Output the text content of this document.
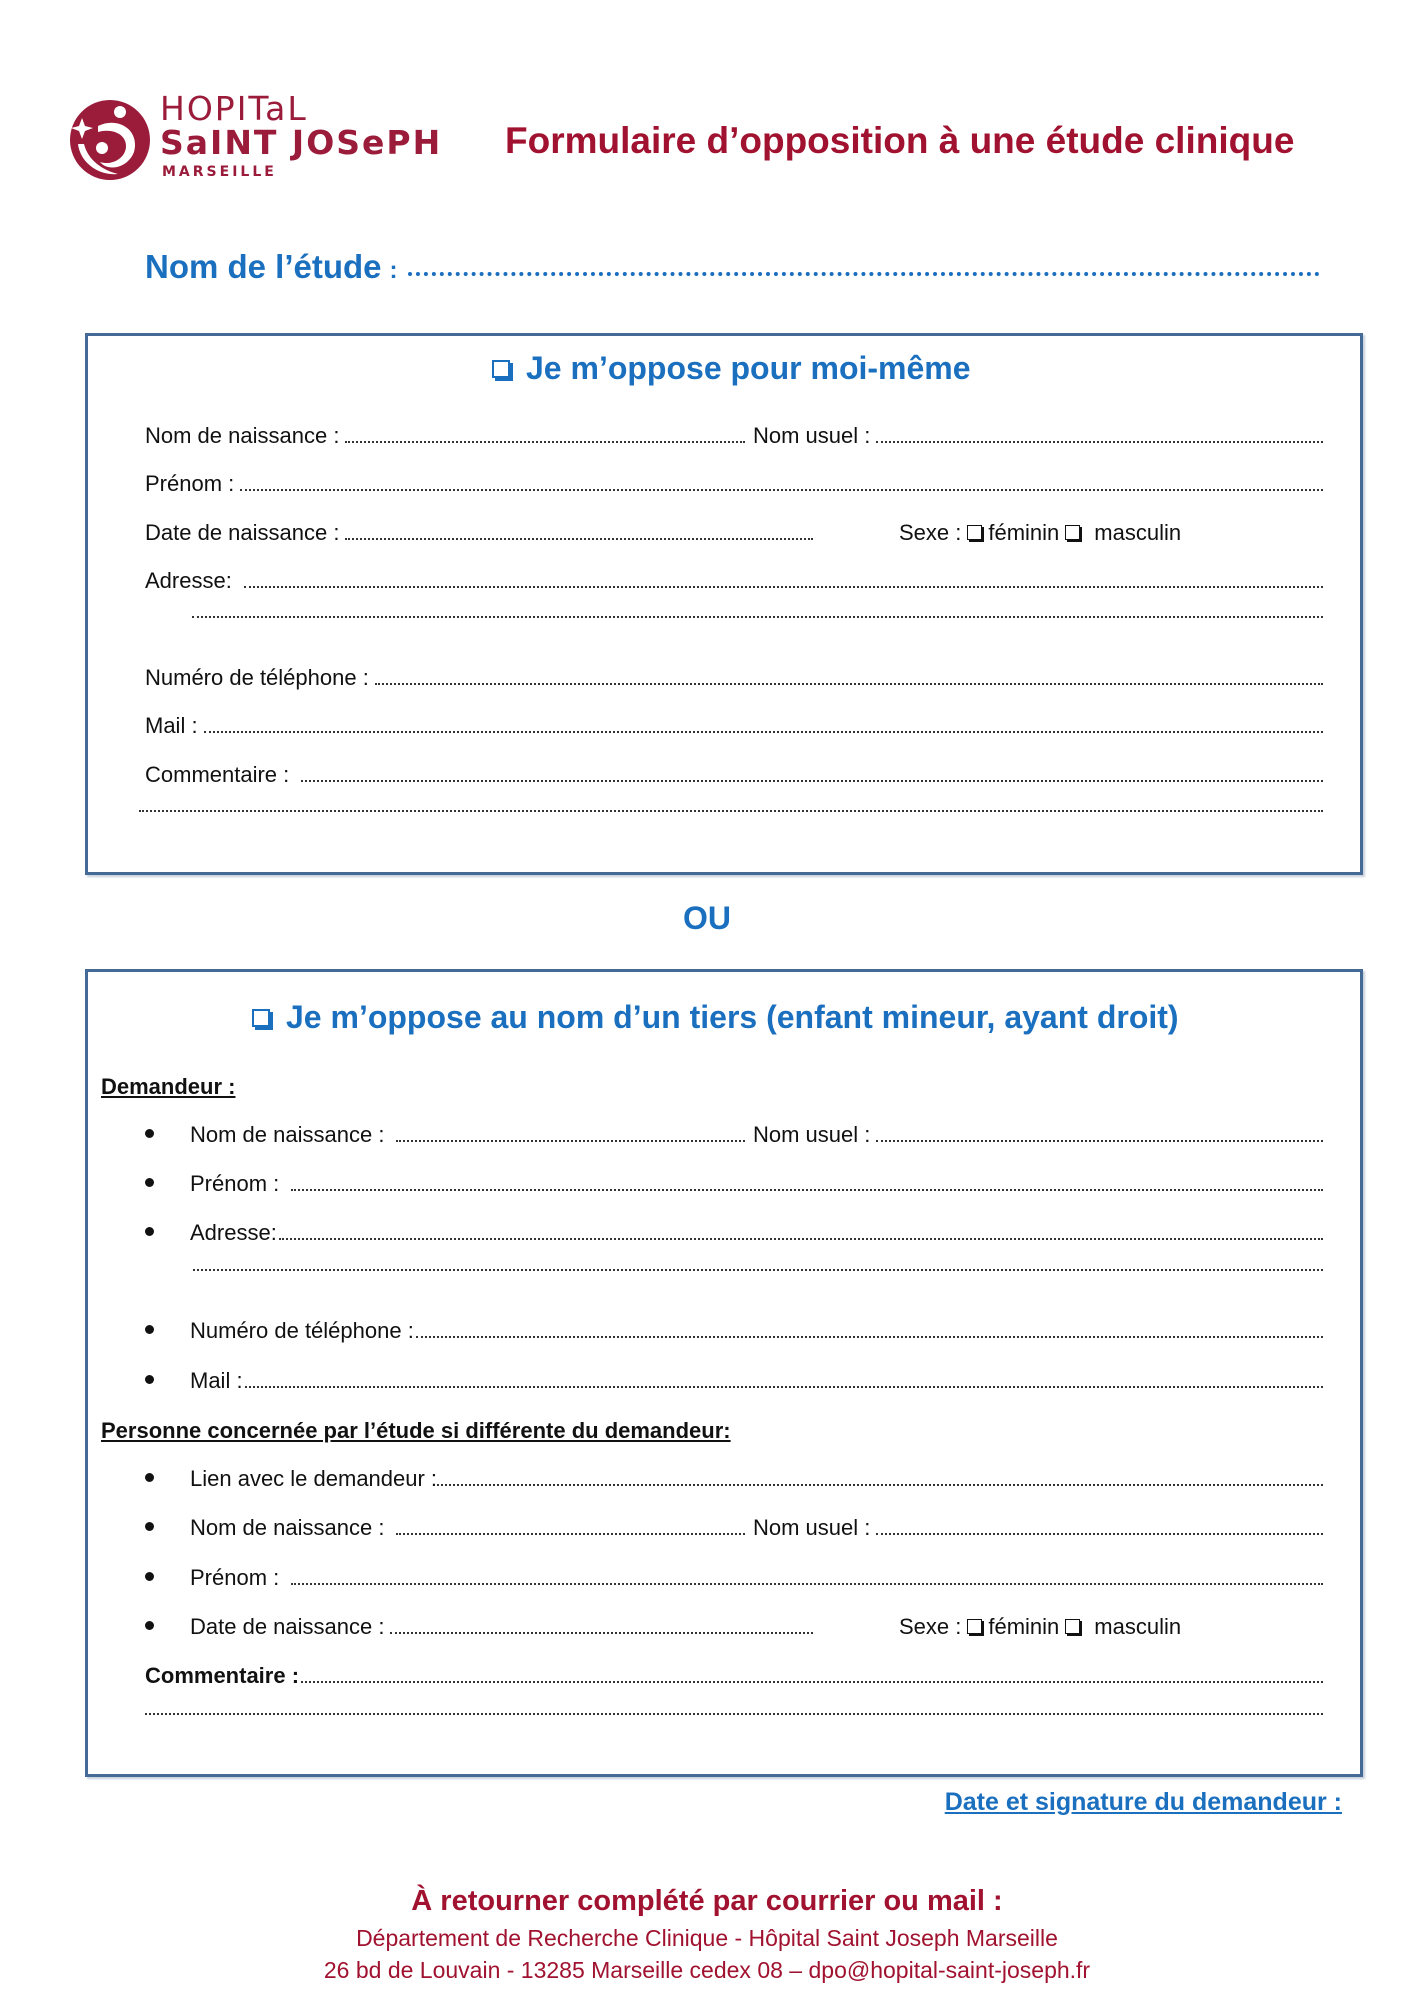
HOPITaL
SaINT JOSePH
MARSEILLE
Formulaire d’opposition à une étude clinique
Nom de l’étude :
Je m’oppose pour moi-même
Nom de naissance :	Nom usuel :
Prénom :
Date de naissance :	Sexe : féminin masculin
Adresse:
Numéro de téléphone :
Mail :
Commentaire :
OU
Je m’oppose au nom d’un tiers (enfant mineur, ayant droit)
Demandeur :
Nom de naissance :	Nom usuel :
Prénom :
Adresse:
Numéro de téléphone :
Mail :
Personne concernée par l’étude si différente du demandeur:
Lien avec le demandeur :
Nom de naissance :	Nom usuel :
Prénom :
Date de naissance :	Sexe : féminin masculin
Commentaire :
Date et signature du demandeur :
À retourner complété par courrier ou mail :
Département de Recherche Clinique - Hôpital Saint Joseph Marseille
26 bd de Louvain - 13285 Marseille cedex 08 – dpo@hopital-saint-joseph.fr
